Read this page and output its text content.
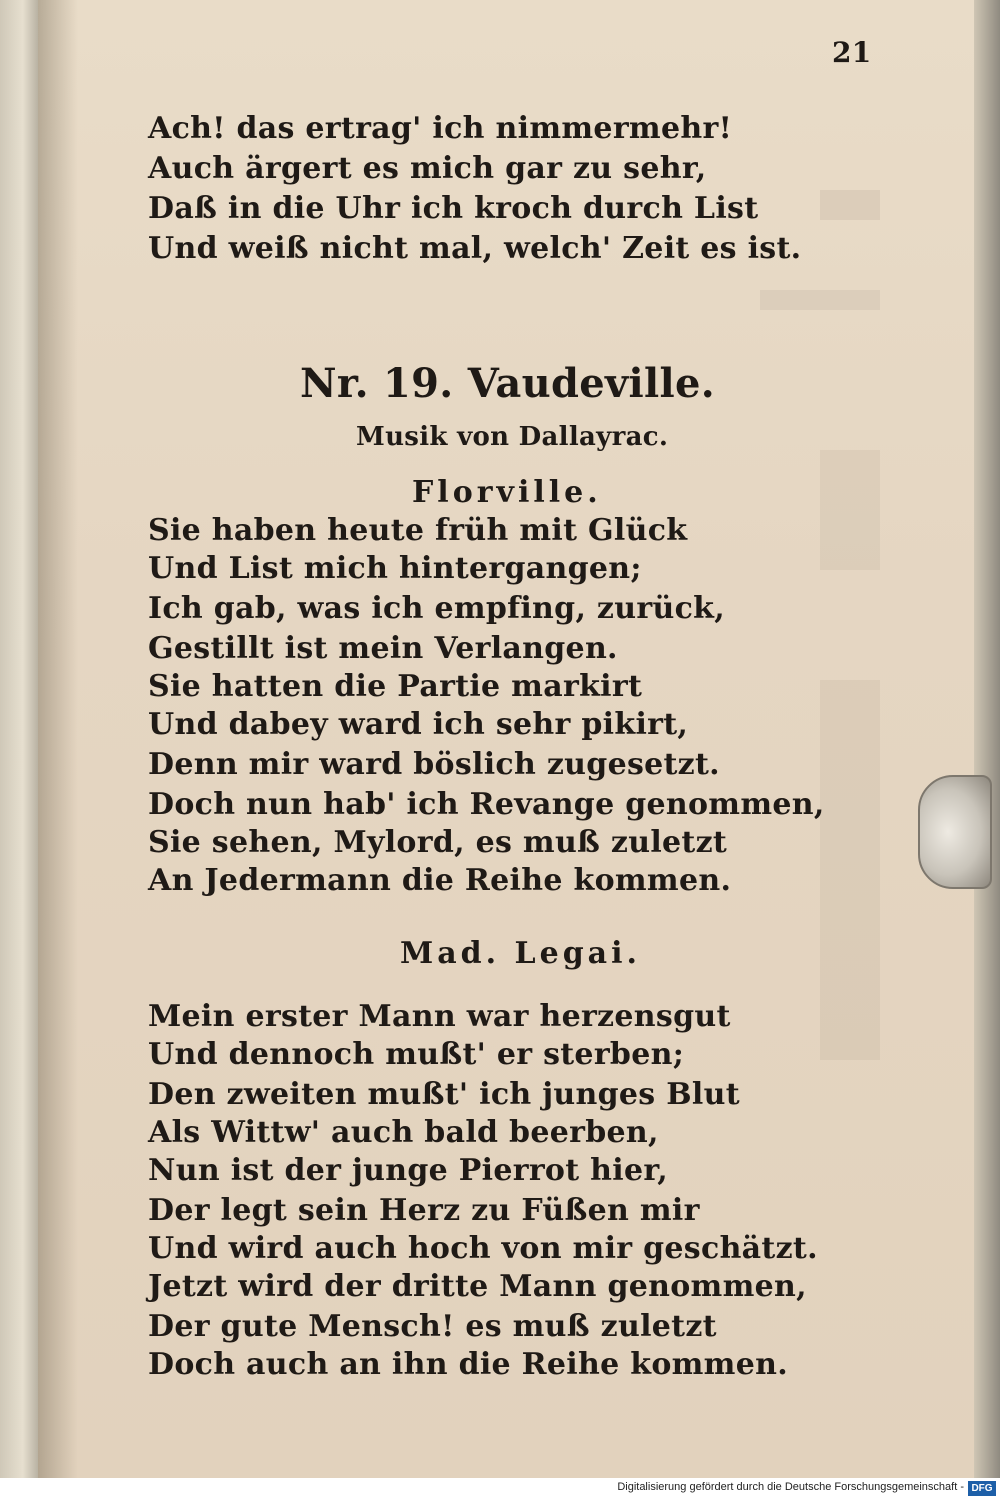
21
Ach! das ertrag' ich nimmermehr!
Auch ärgert es mich gar zu sehr,
Daß in die Uhr ich kroch durch List
Und weiß nicht mal, welch' Zeit es ist.
Nr. 19. Vaudeville.
Musik von Dallayrac.
Florville.
Sie haben heute früh mit Glück
Und List mich hintergangen;
Ich gab, was ich empfing, zurück,
Gestillt ist mein Verlangen.
Sie hatten die Partie markirt
Und dabey ward ich sehr pikirt,
Denn mir ward böslich zugesetzt.
Doch nun hab' ich Revange genommen,
Sie sehen, Mylord, es muß zuletzt
An Jedermann die Reihe kommen.
Mad. Legai.
Mein erster Mann war herzensgut
Und dennoch mußt' er sterben;
Den zweiten mußt' ich junges Blut
Als Wittw' auch bald beerben,
Nun ist der junge Pierrot hier,
Der legt sein Herz zu Füßen mir
Und wird auch hoch von mir geschätzt.
Jetzt wird der dritte Mann genommen,
Der gute Mensch! es muß zuletzt
Doch auch an ihn die Reihe kommen.
Digitalisierung gefördert durch die Deutsche Forschungsgemeinschaft - DFG
